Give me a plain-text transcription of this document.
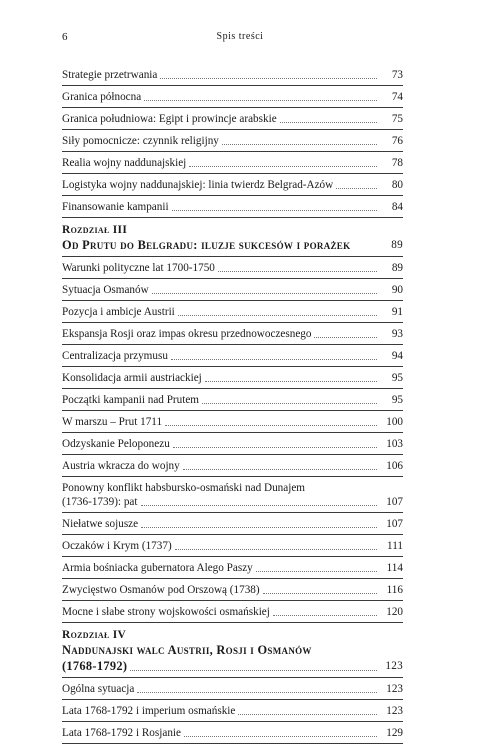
6	Spis treści
Strategie przetrwania	73
Granica północna	74
Granica południowa: Egipt i prowincje arabskie	75
Siły pomocnicze: czynnik religijny	76
Realia wojny naddunajskiej	78
Logistyka wojny naddunajskiej: linia twierdz Belgrad-Azów	80
Finansowanie kampanii	84
Rozdział III
Od Prutu do Belgradu: iluzje sukcesów i porażek	89
Warunki polityczne lat 1700-1750	89
Sytuacja Osmanów	90
Pozycja i ambicje Austrii	91
Ekspansja Rosji oraz impas okresu przednowoczesnego	93
Centralizacja przymusu	94
Konsolidacja armii austriackiej	95
Początki kampanii nad Prutem	95
W marszu – Prut 1711	100
Odzyskanie Peloponezu	103
Austria wkracza do wojny	106
Ponowny konflikt habsbursko-osmański nad Dunajem
(1736-1739): pat	107
Niełatwe sojusze	107
Oczaków i Krym (1737)	111
Armia bośniacka gubernatora Alego Paszy	114
Zwycięstwo Osmanów pod Orszową (1738)	116
Mocne i słabe strony wojskowości osmańskiej	120
Rozdział IV
Naddunajski walc Austrii, Rosji i Osmanów
(1768-1792)	123
Ogólna sytuacja	123
Lata 1768-1792 i imperium osmańskie	123
Lata 1768-1792 i Rosjanie	129
